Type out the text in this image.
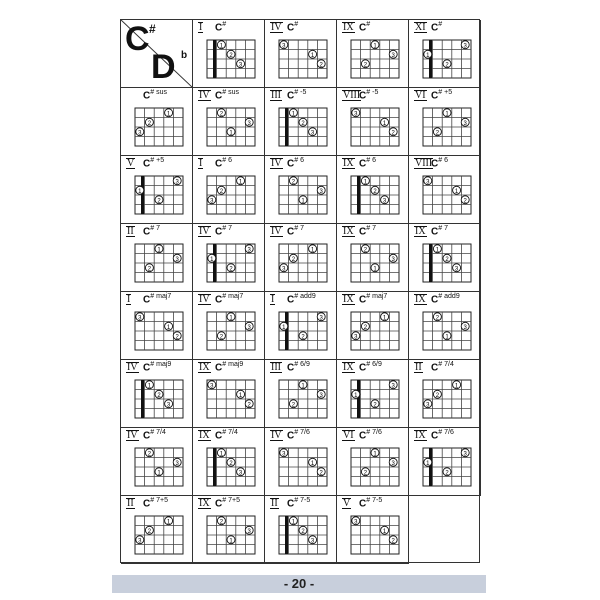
C #
D b
1
2
3
I C#
1
2
3
IV C#
1
2
3
IX C#
1
2
3
XI C#
1
2
3
C# $^{sus}$
1
2
3
IV C# $^{sus}$
1
2
3
III C# $^{-5}$
1
2
3
VIII
C# $^{-5}$
1
2
3
VI C# $^{+5}$
1
2
3
V C# $^{+5}$
1
2
3
I C# $^6$
1
2
3
IV C# $^6$
1
2
3
IX C# $^6$
1
2
3
VIII
C# $^6$
1
2
3
II C# $^7$
1
2
3
IV C# $^7$
1
2
3
IV C# $^7$
1
2
3
IX C# $^7$
1
2
3
IX C# $^7$
1
2
3
I C# $^{maj7}$
1
2
3
IV C# $^{maj7}$
1
2
3
I C# $^{add9}$
1
2
3
IX C# $^{maj7}$
1
2
3
IX C# $^{add9}$
1
2
3
IV C# $^{maj9}$
1
2
3
IX C# $^{maj9}$
1
2
3
III C# $^{6/9}$
1
2
3
IX C# $^{6/9}$
1
2
3
II C# $^{7/4}$
1
2
3
IV C# $^{7/4}$
1
2
3
IX C# $^{7/4}$
1
2
3
IV C# $^{7/6}$
1
2
3
VI C# $^{7/6}$
1
2
3
IX C# $^{7/6}$
1
2
3
II C# $^{7+5}$
1
2
3
IX C# $^{7+5}$
1
2
3
II C# $^{7-5}$
1
2
3
V C# $^{7-5}$
- 20 -
